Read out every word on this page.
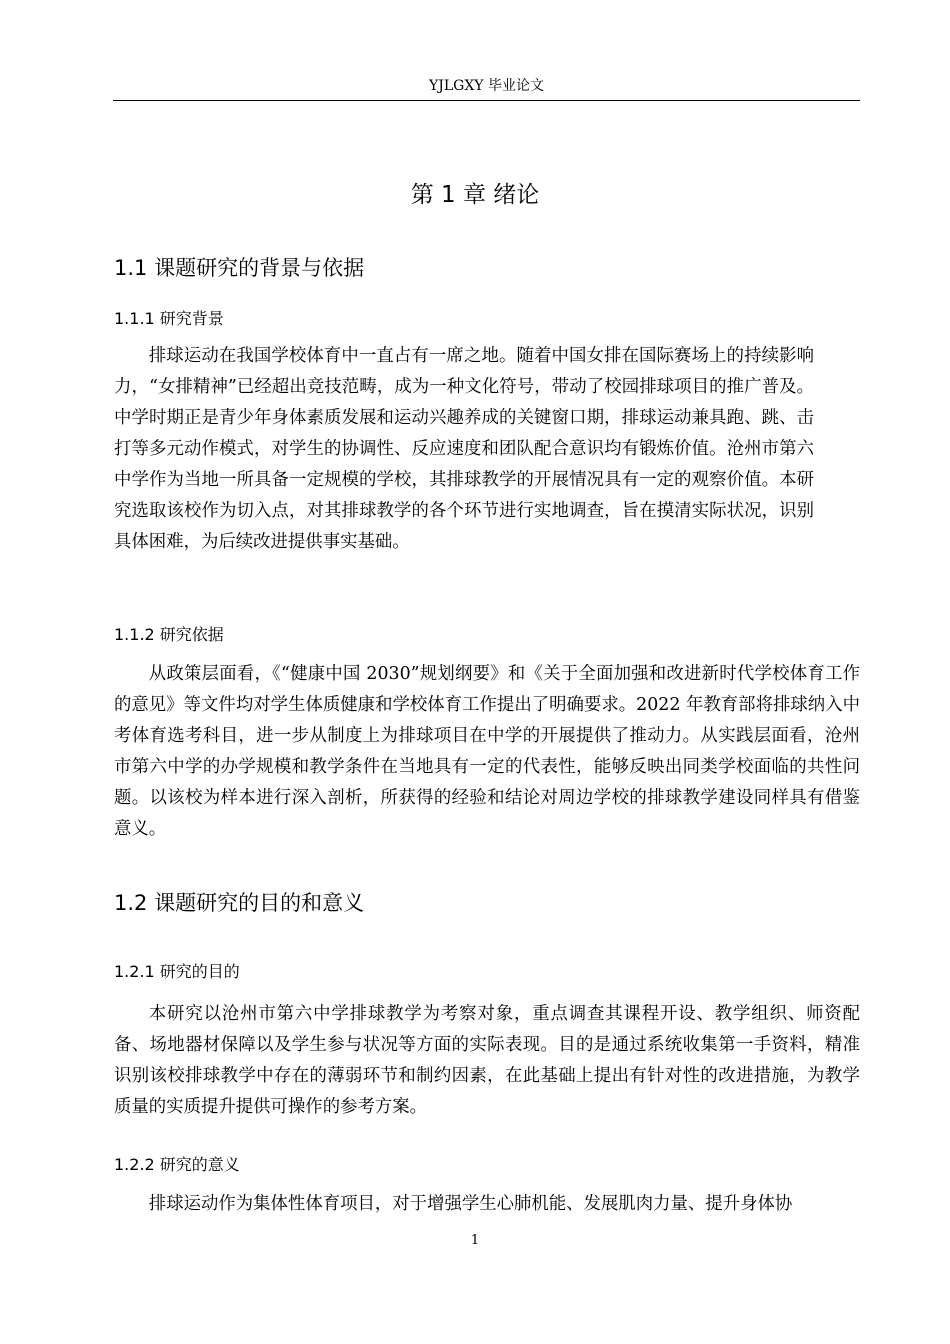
YJLGXY 毕业论文
第 1 章 绪论
1.1 课题研究的背景与依据
1.1.1 研究背景

排球运动在我国学校体育中一直占有一席之地。随着中国女排在国际赛场上的持续影响力，“女排精神”已经超出竞技范畴，成为一种文化符号，带动了校园排球项目的推广普及。中学时期正是青少年身体素质发展和运动兴趣养成的关键窗口期，排球运动兼具跑、跳、击打等多元动作模式，对学生的协调性、反应速度和团队配合意识均有锻炼价值。沧州市第六中学作为当地一所具备一定规模的学校，其排球教学的开展情况具有一定的观察价值。本研究选取该校作为切入点，对其排球教学的各个环节进行实地调查，旨在摸清实际状况，识别具体困难，为后续改进提供事实基础。

1.1.2 研究依据

从政策层面看，《“健康中国 2030”规划纲要》和《关于全面加强和改进新时代学校体育工作的意见》等文件均对学生体质健康和学校体育工作提出了明确要求。2022 年教育部将排球纳入中考体育选考科目，进一步从制度上为排球项目在中学的开展提供了推动力。从实践层面看，沧州市第六中学的办学规模和教学条件在当地具有一定的代表性，能够反映出同类学校面临的共性问题。以该校为样本进行深入剖析，所获得的经验和结论对周边学校的排球教学建设同样具有借鉴意义。

1.2 课题研究的目的和意义
1.2.1 研究的目的

本研究以沧州市第六中学排球教学为考察对象，重点调查其课程开设、教学组织、师资配备、场地器材保障以及学生参与状况等方面的实际表现。目的是通过系统收集第一手资料，精准识别该校排球教学中存在的薄弱环节和制约因素，在此基础上提出有针对性的改进措施，为教学质量的实质提升提供可操作的参考方案。

1.2.2 研究的意义

排球运动作为集体性体育项目，对于增强学生心肺机能、发展肌肉力量、提升身体协

1
